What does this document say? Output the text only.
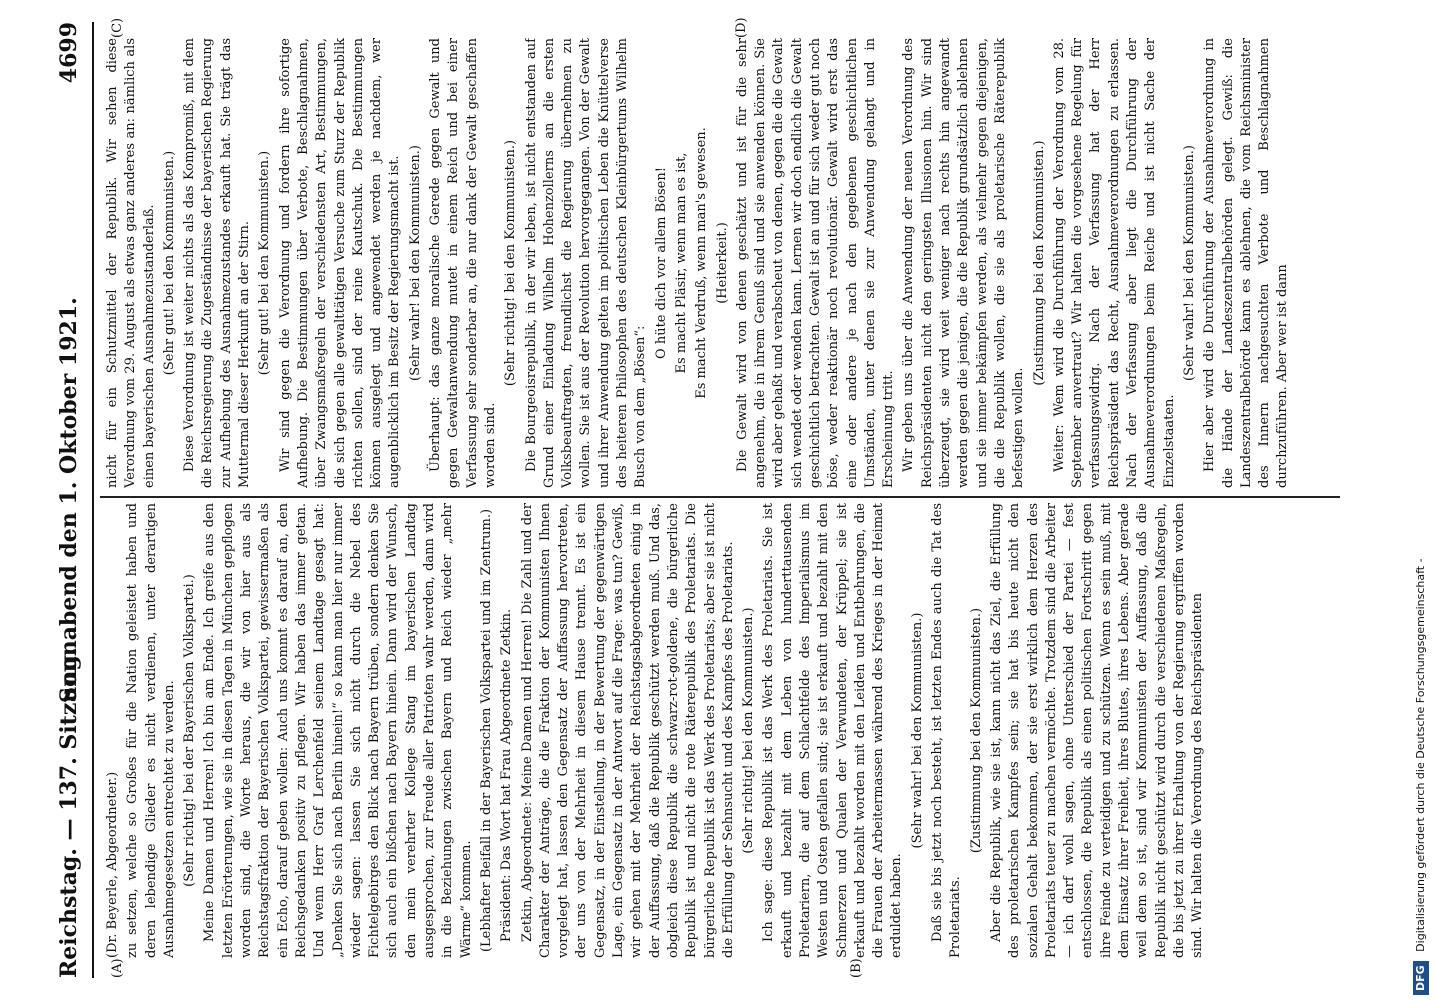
Reichstag. — 137. Sitzung.
Sonnabend den 1. Oktober 1921.
4699
(A)	(B)
(C)	(D)

(Dr. Beyerle, Abgeordneter.) zu setzen, welche so Großes für die Nation geleistet haben und deren lebendige Glieder es nicht verdienen, unter derartigen Ausnahmegesetzen entrechtet zu werden. (Sehr richtig! bei der Bayerischen Volkspartei.) Meine Damen und Herren! Ich bin am Ende. Ich greife aus den letzten Erörterungen, wie sie in diesen Tagen in München gepflogen worden sind, die Worte heraus, die wir von hier aus als Reichstagsfraktion der Bayerischen Volkspartei, gewissermaßen als ein Echo, darauf geben wollen: Auch uns kommt es darauf an, den Reichsgedanken positiv zu pflegen. Wir haben das immer getan. Und wenn Herr Graf Lerchenfeld seinem Landtage gesagt hat: „Denken Sie sich nach Berlin hinein!“ so kann man hier nur immer wieder sagen: lassen Sie sich nicht durch die Nebel des Fichtelgebirges den Blick nach Bayern trüben, sondern denken Sie sich auch ein bißchen nach Bayern hinein. Dann wird der Wunsch, den mein verehrter Kollege Stang im bayerischen Landtag ausgesprochen, zur Freude aller Patrioten wahr werden, dann wird in die Beziehungen zwischen Bayern und Reich wieder „mehr Wärme“ kommen. (Lebhafter Beifall in der Bayerischen Volkspartei und im Zentrum.) Präsident: Das Wort hat Frau Abgeordnete Zetkin. Zetkin, Abgeordnete: Meine Damen und Herren! Die Zahl und der Charakter der Anträge, die die Fraktion der Kommunisten Ihnen vorgelegt hat, lassen den Gegensatz der Auffassung hervortreten, der uns von der Mehrheit in diesem Hause trennt. Es ist ein Gegensatz, in der Einstellung, in der Bewertung der gegenwärtigen Lage, ein Gegensatz in der Antwort auf die Frage: was tun? Gewiß, wir gehen mit der Mehrheit der Reichstagsabgeordneten einig in der Auffassung, daß die Republik geschützt werden muß. Und das, obgleich diese Republik die schwarz-rot-goldene, die bürgerliche Republik ist und nicht die rote Räterepublik des Proletariats. Die bürgerliche Republik ist das Werk des Proletariats; aber sie ist nicht die Erfüllung der Sehnsucht und des Kampfes des Proletariats. (Sehr richtig! bei den Kommunisten.) Ich sage: diese Republik ist das Werk des Proletariats. Sie ist erkauft und bezahlt mit dem Leben von hunderttausenden Proletariern, die auf dem Schlachtfelde des Imperialismus im Westen und Osten gefallen sind; sie ist erkauft und bezahlt mit den Schmerzen und Qualen der Verwundeten, der Krüppel; sie ist erkauft und bezahlt worden mit den Leiden und Entbehrungen, die die Frauen der Arbeitermassen während des Krieges in der Heimat erduldet haben.

(Sehr wahr! bei den Kommunisten.) Daß sie bis jetzt noch besteht, ist letzten Endes auch die Tat des Proletariats.

(Zustimmung bei den Kommunisten.) Aber die Republik, wie sie ist, kann nicht das Ziel, die Erfüllung des proletarischen Kampfes sein; sie hat bis heute nicht den sozialen Gehalt bekommen, der sie erst wirklich dem Herzen des Proletariats teuer zu machen vermöchte. Trotzdem sind die Arbeiter — ich darf wohl sagen, ohne Unterschied der Partei — fest entschlossen, die Republik als einen politischen Fortschritt gegen ihre Feinde zu verteidigen und zu schützen. Wenn es sein muß, mit dem Einsatz ihrer Freiheit, ihres Blutes, ihres Lebens. Aber gerade weil dem so ist, sind wir Kommunisten der Auffassung, daß die Republik nicht geschützt wird durch die verschiedenen Maßregeln, die bis jetzt zu ihrer Erhaltung von der Regierung ergriffen worden sind. Wir halten die Verordnung des Reichspräsidenten

nicht für ein Schutzmittel der Republik. Wir sehen diese Verordnung vom 29. August als etwas ganz anderes an: nämlich als einen bayerischen Ausnahmezustanderlaß. (Sehr gut! bei den Kommunisten.) Diese Verordnung ist weiter nichts als das Kompromiß, mit dem die Reichsregierung die Zugeständnisse der bayerischen Regierung zur Aufhebung des Ausnahmezustandes erkauft hat. Sie trägt das Muttermal dieser Herkunft an der Stirn. (Sehr gut! bei den Kommunisten.) Wir sind gegen die Verordnung und fordern ihre sofortige Aufhebung. Die Bestimmungen über Verbote, Beschlagnahmen, über Zwangsmaßregeln der verschiedensten Art, Bestimmungen, die sich gegen alle gewalttätigen Versuche zum Sturz der Republik richten sollen, sind der reine Kautschuk. Die Bestimmungen können ausgelegt und angewendet werden je nachdem, wer augenblicklich im Besitz der Regierungsmacht ist. (Sehr wahr! bei den Kommunisten.) Überhaupt: das ganze moralische Gerede gegen Gewalt und gegen Gewaltanwendung mutet in einem Reich und bei einer Verfassung sehr sonderbar an, die nur dank der Gewalt geschaffen worden sind.

(Sehr richtig! bei den Kommunisten.) Die Bourgeoisrepublik, in der wir leben, ist nicht entstanden auf Grund einer Einladung Wilhelm Hohenzollerns an die ersten Volksbeauftragten, freundlichst die Regierung übernehmen zu wollen. Sie ist aus der Revolution hervorgegangen. Von der Gewalt und ihrer Anwendung gelten im politischen Leben die Knüttelverse des heiteren Philosophen des deutschen Kleinbürgertums Wilhelm Busch von dem „Bösen“:

O hüte dich vor allem Bösen! Es macht Pläsir, wenn man es ist, Es macht Verdruß, wenn man's gewesen. (Heiterkeit.) Die Gewalt wird von denen geschätzt und ist für die sehr angenehm, die in ihrem Genuß sind und sie anwenden können. Sie wird aber gehaßt und verabscheut von denen, gegen die die Gewalt sich wendet oder wenden kann. Lernen wir doch endlich die Gewalt geschichtlich betrachten. Gewalt ist an und für sich weder gut noch böse, weder reaktionär noch revolutionär. Gewalt wird erst das eine oder andere je nach den gegebenen geschichtlichen Umständen, unter denen sie zur Anwendung gelangt und in Erscheinung tritt. Wir geben uns über die Anwendung der neuen Verordnung des Reichspräsidenten nicht den geringsten Illusionen hin. Wir sind überzeugt, sie wird weit weniger nach rechts hin angewandt werden gegen die jenigen, die die Republik grundsätzlich ablehnen und sie immer bekämpfen werden, als vielmehr gegen diejenigen, die die Republik wollen, die sie als proletarische Räterepublik befestigen wollen.

(Zustimmung bei den Kommunisten.) Weiter: Wem wird die Durchführung der Verordnung vom 28. September anvertraut? Wir halten die vorgesehene Regelung für verfassungswidrig. Nach der Verfassung hat der Herr Reichspräsident das Recht, Ausnahmeverordnungen zu erlassen. Nach der Verfassung aber liegt die Durchführung der Ausnahmeverordnungen beim Reiche und ist nicht Sache der Einzelstaaten.

(Sehr wahr! bei den Kommunisten.) Hier aber wird die Durchführung der Ausnahmeverordnung in die Hände der Landeszentralbehörden gelegt. Gewiß: die Landeszentralbehörde kann es ablehnen, die vom Reichsminister des Innern nachgesuchten Verbote und Beschlagnahmen durchzuführen. Aber wer ist dann

DFG Digitalisierung gefördert durch die Deutsche Forschungsgemeinschaft -
